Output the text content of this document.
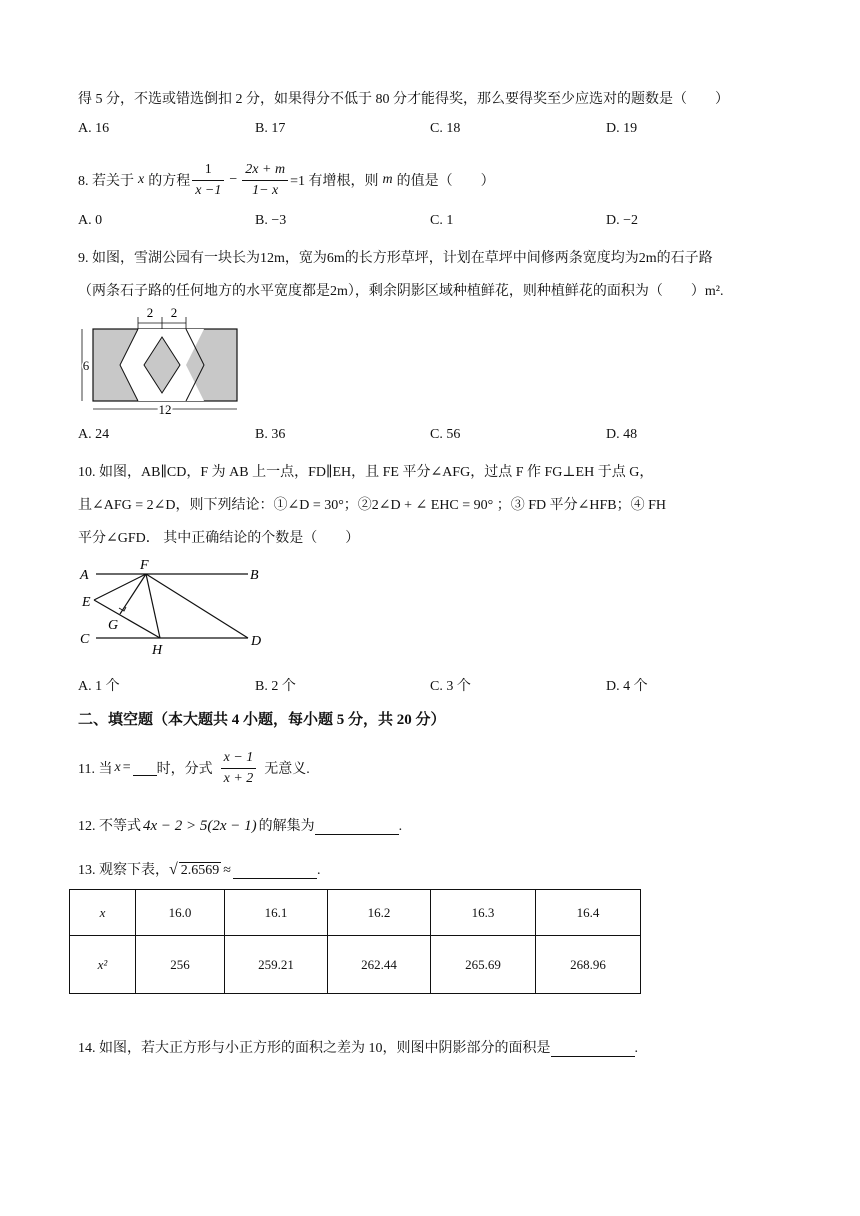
得 5 分，不选或错选倒扣 2 分，如果得分不低于 80 分才能得奖，那么要得奖至少应选对的题数是（　　）
A. 16	B. 17	C. 18	D. 19
8. 若关于 x 的方程 $\frac{1}{x -1} - \frac{2x + m}{1- x} =1$ 有增根，则 m 的值是（　　）
A. 0	B. −3	C. 1	D. −2
9. 如图，雪湖公园有一块长为12m，宽为6m的长方形草坪，计划在草坪中间修两条宽度均为2m的石子路
（两条石子路的任何地方的水平宽度都是2m），剩余阴影区域种植鲜花，则种植鲜花的面积为（　　）m².
2 2
6
12
A. 24	B. 36	C. 56	D. 48
10. 如图，AB∥CD，F 为 AB 上一点，FD∥EH，且 FE 平分∠AFG，过点 F 作 FG⊥EH 于点 G，
且∠AFG = 2∠D，则下列结论：①∠D = 30°；②2∠D + ∠ EHC = 90° ；③ FD 平分∠HFB；④ FH
平分∠GFD． 其中正确结论的个数是（　　）
A	B
C	D
E
F
G
H
A. 1 个	B. 2 个	C. 3 个	D. 4 个
二、填空题（本大题共 4 小题，每小题 5 分，共 20 分）
11. 当 x = 时，分式 $\frac{x - 1}{x + 2}$ 无意义.
12. 不等式 4x − 2 > 5(2x − 1) 的解集为	.
13. 观察下表， √ 2.6569 ≈	.
x	16.0	16.1	16.2	16.3	16.4
x²	256	259.21	262.44	265.69	268.96
14. 如图，若大正方形与小正方形的面积之差为 10，则图中阴影部分的面积是	.
